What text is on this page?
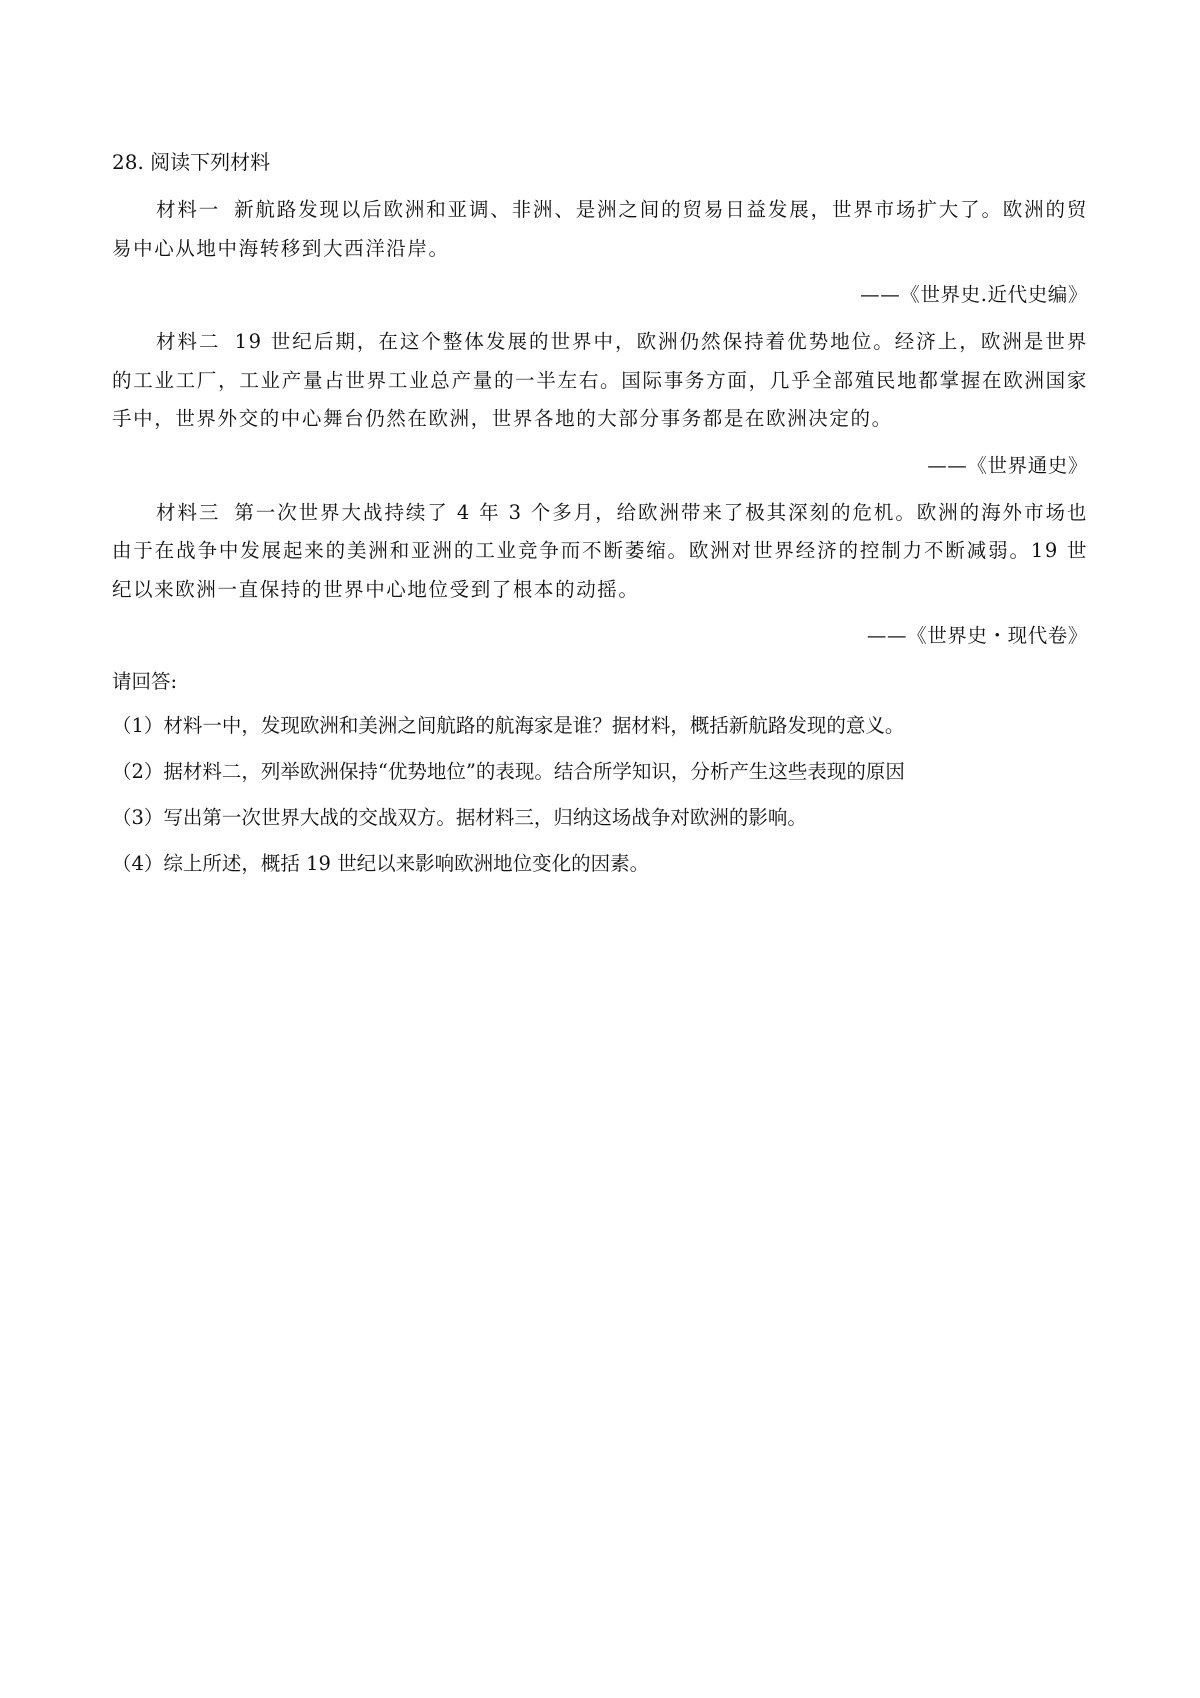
28. 阅读下列材料

材料一 新航路发现以后欧洲和亚调、非洲、是洲之间的贸易日益发展，世界市场扩大了。欧洲的贸易中心从地中海转移到大西洋沿岸。

——《世界史.近代史编》

材料二 19 世纪后期，在这个整体发展的世界中，欧洲仍然保持着优势地位。经济上，欧洲是世界的工业工厂，工业产量占世界工业总产量的一半左右。国际事务方面，几乎全部殖民地都掌握在欧洲国家手中，世界外交的中心舞台仍然在欧洲，世界各地的大部分事务都是在欧洲决定的。

——《世界通史》

材料三 第一次世界大战持续了 4 年 3 个多月，给欧洲带来了极其深刻的危机。欧洲的海外市场也由于在战争中发展起来的美洲和亚洲的工业竞争而不断萎缩。欧洲对世界经济的控制力不断减弱。19 世纪以来欧洲一直保持的世界中心地位受到了根本的动摇。

——《世界史・现代卷》
请回答:
（1）材料一中，发现欧洲和美洲之间航路的航海家是谁？据材料，概括新航路发现的意义。
（2）据材料二，列举欧洲保持“优势地位”的表现。结合所学知识，分析产生这些表现的原因
（3）写出第一次世界大战的交战双方。据材料三，归纳这场战争对欧洲的影响。
（4）综上所述，概括 19 世纪以来影响欧洲地位变化的因素。
